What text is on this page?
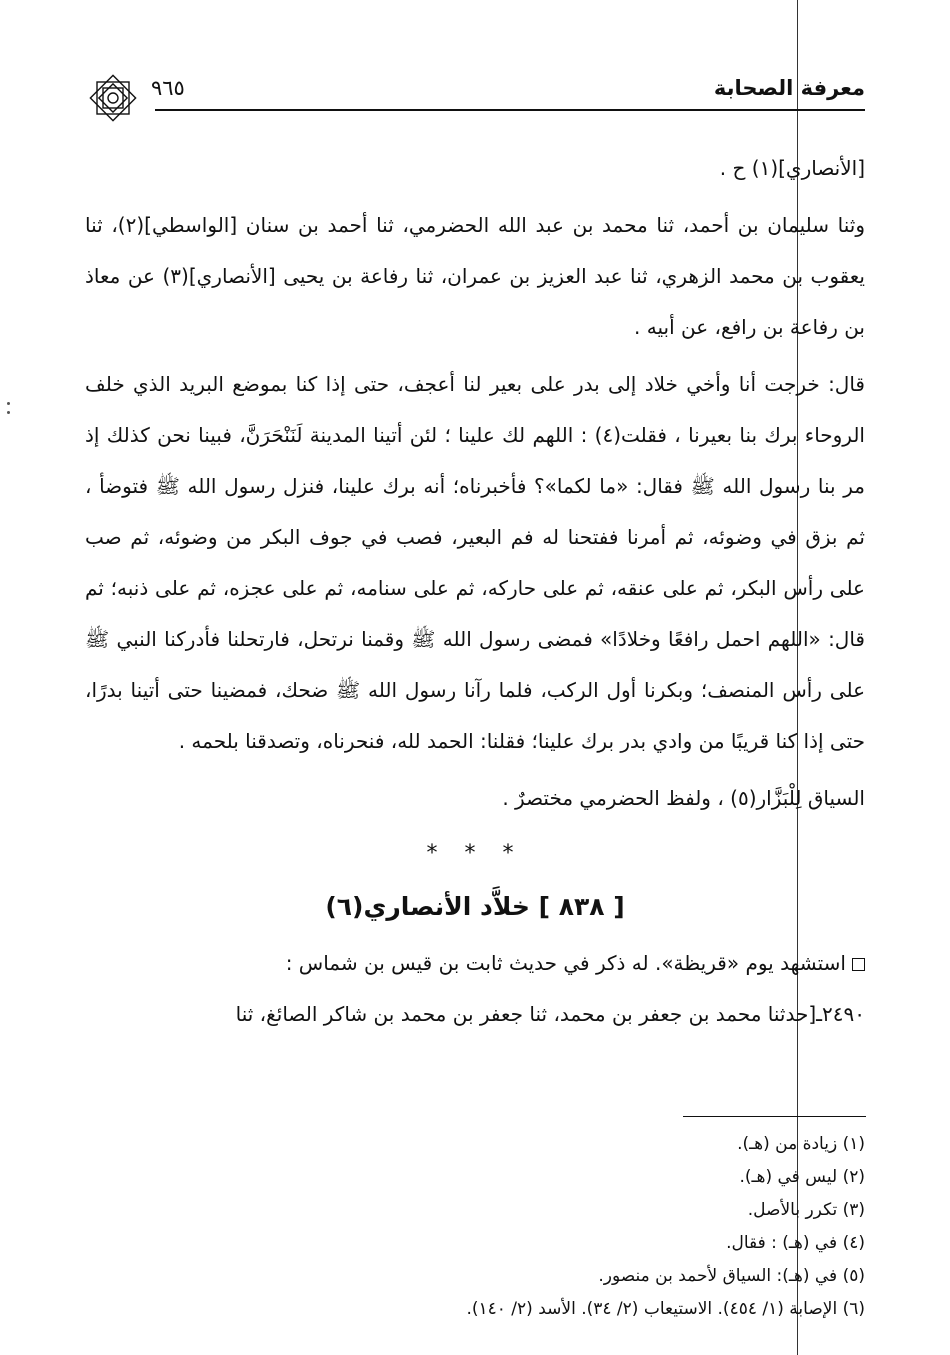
معرفة الصحابة
٩٦٥

[الأنصاري](١) ح .

وثنا سليمان بن أحمد، ثنا محمد بن عبد الله الحضرمي، ثنا أحمد بن سنان [الواسطي](٢)، ثنا يعقوب بن محمد الزهري، ثنا عبد العزيز بن عمران، ثنا رفاعة بن يحيى [الأنصاري](٣) عن معاذ بن رفاعة بن رافع، عن أبيه .

قال: خرجت أنا وأخي خلاد إلى بدر على بعير لنا أعجف، حتى إذا كنا بموضع البريد الذي خلف الروحاء برك بنا بعيرنا ، فقلت(٤) : اللهم لك علينا ؛ لئن أتينا المدينة لَنَنْحَرَنَّ، فبينا نحن كذلك إذ مر بنا رسول الله ﷺ فقال: «ما لكما»؟ فأخبرناه؛ أنه برك علينا، فنزل رسول الله ﷺ فتوضأ ، ثم بزق في وضوئه، ثم أمرنا ففتحنا له فم البعير، فصب في جوف البكر من وضوئه، ثم صب على رأس البكر، ثم على عنقه، ثم على حاركه، ثم على سنامه، ثم على عجزه، ثم على ذنبه؛ ثم قال: «اللهم احمل رافعًا وخلادًا» فمضى رسول الله ﷺ وقمنا نرتحل، فارتحلنا فأدركنا النبي ﷺ على رأس المنصف؛ وبكرنا أول الركب، فلما رآنا رسول الله ﷺ ضحك، فمضينا حتى أتينا بدرًا، حتى إذا كنا قريبًا من وادي بدر برك علينا؛ فقلنا: الحمد لله، فنحرناه، وتصدقنا بلحمه .

السياق لِلْبَزَّار(٥) ، ولفظ الحضرمي مختصرٌ .

* * *
[ ٨٣٨ ] خلاَّد الأنصاري(٦)

استشهد يوم «قريظة». له ذكر في حديث ثابت بن قيس بن شماس :

٢٤٩٠ـ[حدثنا محمد بن جعفر بن محمد، ثنا جعفر بن محمد بن شاكر الصائغ، ثنا

(١) زيادة من (هـ).
(٢) ليس في (هـ).
(٣) تكرر بالأصل.
(٤) في (هـ) : فقال.
(٥) في (هـ): السياق لأحمد بن منصور.
(٦) الإصابة (١/ ٤٥٤). الاستيعاب (٢/ ٣٤). الأسد (٢/ ١٤٠).
